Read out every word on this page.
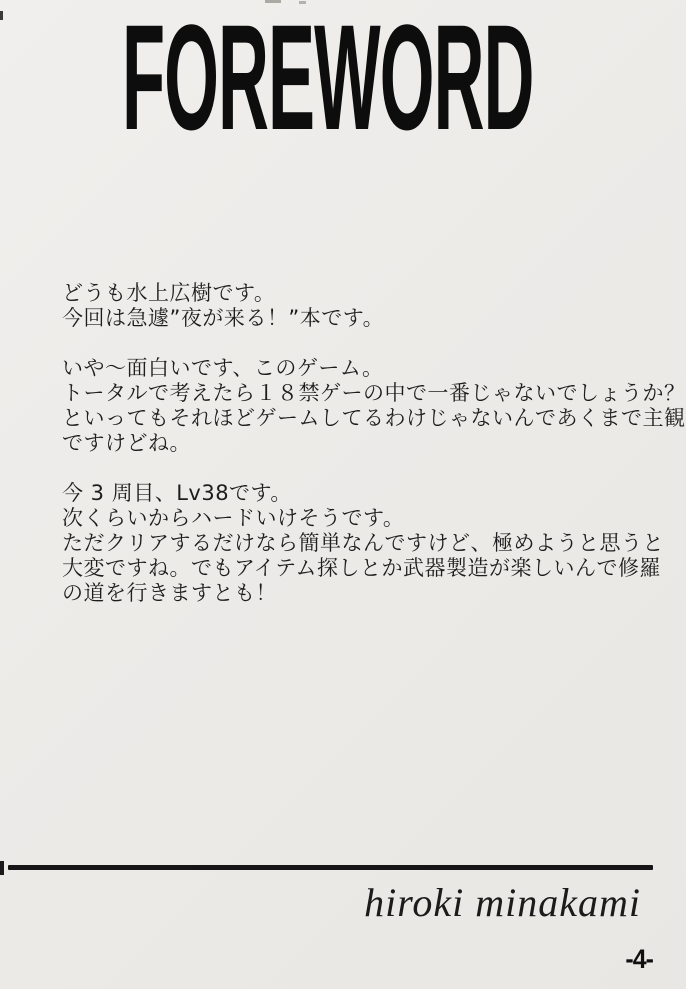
FOREWORD

どうも水上広樹です。
今回は急遽”夜が来る！”本です。

いや～面白いです、このゲーム。
トータルで考えたら１８禁ゲーの中で一番じゃないでしょうか？
といってもそれほどゲームしてるわけじゃないんであくまで主観
ですけどね。

今 3 周目、Lv38です。
次くらいからハードいけそうです。
ただクリアするだけなら簡単なんですけど、極めようと思うと
大変ですね。でもアイテム探しとか武器製造が楽しいんで修羅
の道を行きますとも！

hiroki minakami
-4-
